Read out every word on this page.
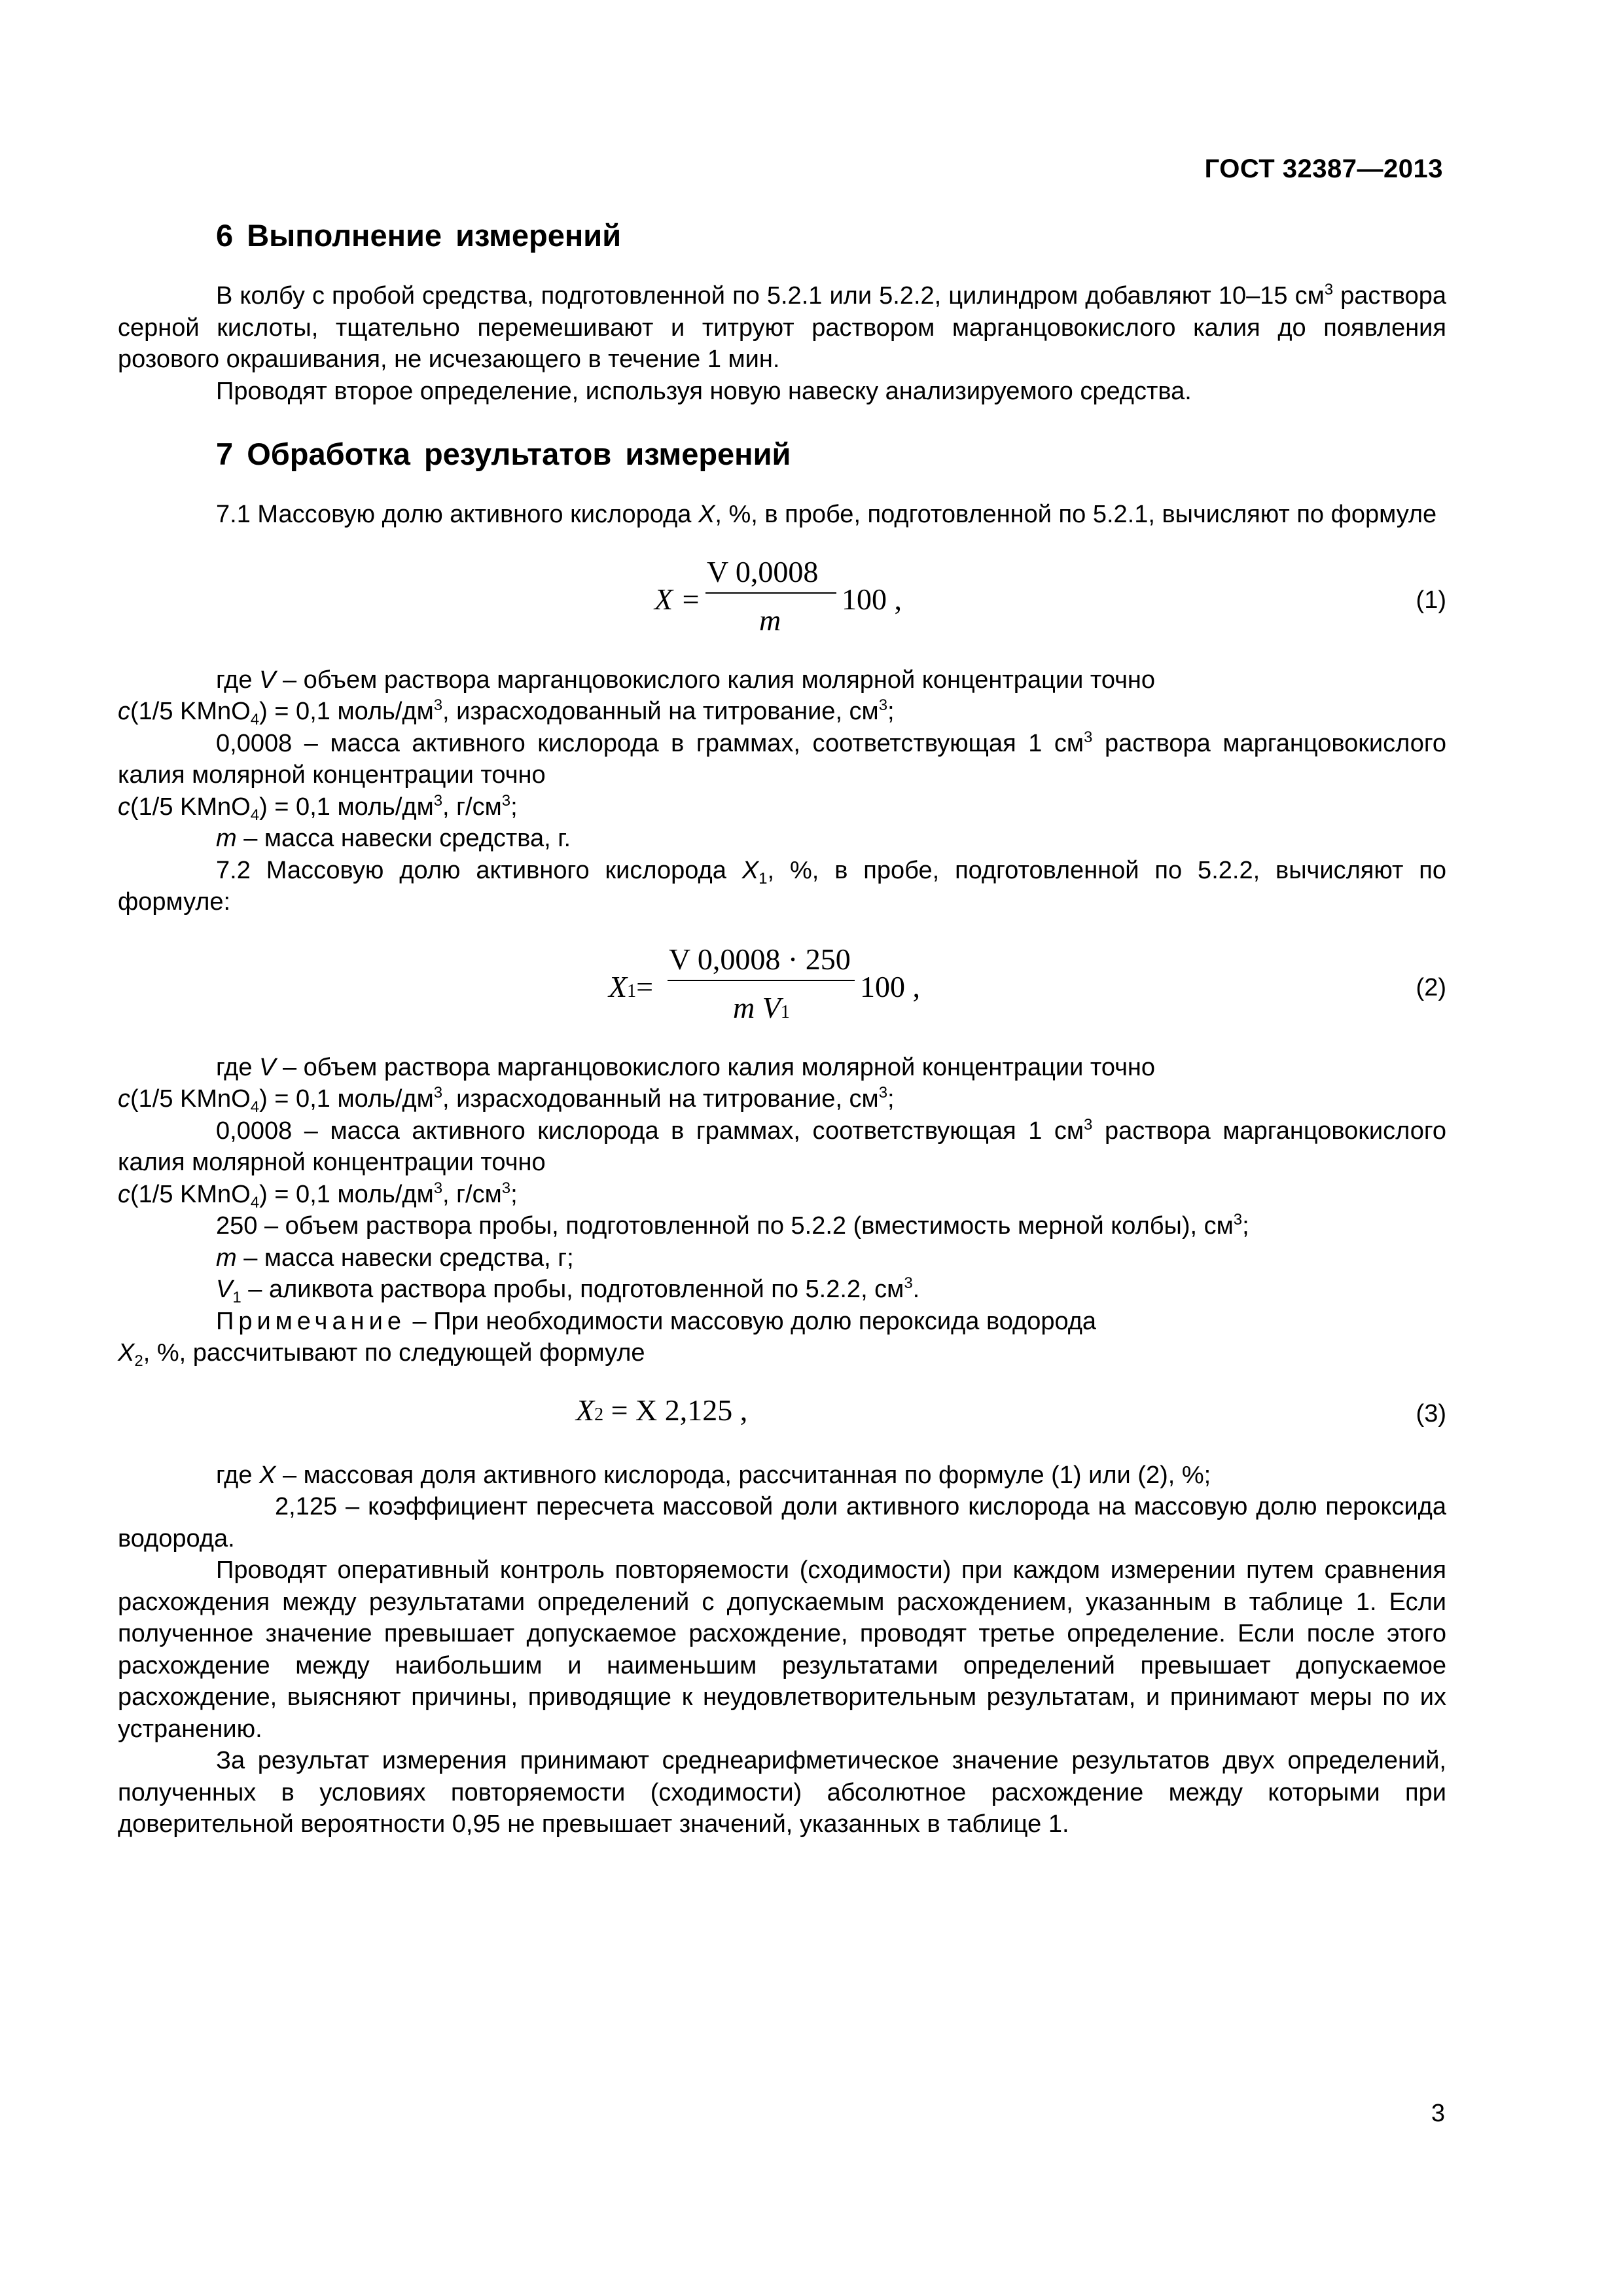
ГОСТ 32387—2013
6 Выполнение измерений

В колбу с пробой средства, подготовленной по 5.2.1 или 5.2.2, цилиндром добавляют 10–15 $см^3$ раствора серной кислоты, тщательно перемешивают и титруют раствором марганцовокислого калия до появления розового окрашивания, не исчезающего в течение 1 мин.

Проводят второе определение, используя новую навеску анализируемого средства.

7 Обработка результатов измерений

7.1 Массовую долю активного кислорода X, %, в пробе, подготовленной по 5.2.1, вычисляют по формуле

X =
V 0,0008
m
100 ,	(1)

где V – объем раствора марганцовокислого калия молярной концентрации точно

c(1/5 KMnO$_4$) = 0,1 моль/$дм^3$, израсходованный на титрование, $см^3$;

0,0008 – масса активного кислорода в граммах, соответствующая 1 $см^3$ раствора марганцовокислого калия молярной концентрации точно

c(1/5 KMnO$_4$) = 0,1 моль/$дм^3$, $г/см^3$;

m – масса навески средства, г.

7.2 Массовую долю активного кислорода $X_1$, %, в пробе, подготовленной по 5.2.2, вычисляют по формуле:

X1=
V 0,0008 · 250
m V1
100 ,	(2)

где V – объем раствора марганцовокислого калия молярной концентрации точно

c(1/5 KMnO$_4$) = 0,1 моль/$дм^3$, израсходованный на титрование, $см^3$;

0,0008 – масса активного кислорода в граммах, соответствующая 1 $см^3$ раствора марганцовокислого калия молярной концентрации точно

c(1/5 KMnO$_4$) = 0,1 моль/$дм^3$, $г/см^3$;

250 – объем раствора пробы, подготовленной по 5.2.2 (вместимость мерной колбы), $см^3$;

m – масса навески средства, г;

$V_1$ – аликвота раствора пробы, подготовленной по 5.2.2, $см^3$.

Примечание – При необходимости массовую долю пероксида водорода

$X_2$, %, рассчитывают по следующей формуле

X2 = X 2,125 ,	(3)

где X – массовая доля активного кислорода, рассчитанная по формуле (1) или (2), %;

2,125 – коэффициент пересчета массовой доли активного кислорода на массовую долю пероксида водорода.

Проводят оперативный контроль повторяемости (сходимости) при каждом измерении путем сравнения расхождения между результатами определений с допускаемым расхождением, указанным в таблице 1. Если полученное значение превышает допускаемое расхождение, проводят третье определение. Если после этого расхождение между наибольшим и наименьшим результатами определений превышает допускаемое расхождение, выясняют причины, приводящие к неудовлетворительным результатам, и принимают меры по их устранению.

За результат измерения принимают среднеарифметическое значение результатов двух определений, полученных в условиях повторяемости (сходимости) абсолютное расхождение между которыми при доверительной вероятности 0,95 не превышает значений, указанных в таблице 1.

3
